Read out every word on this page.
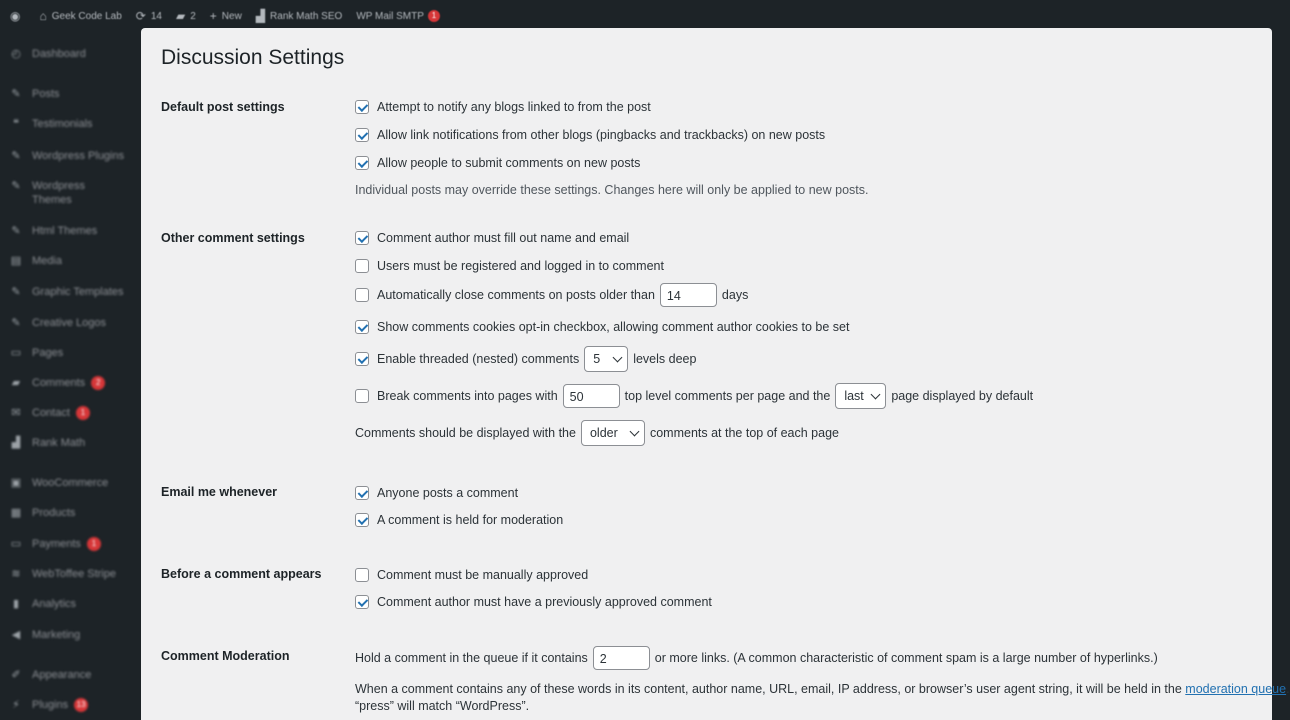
◉ ⌂ Geek Code Lab ⟳ 14 ▰ 2 + New ▟ Rank Math SEO WP Mail SMTP 1
◴ Dashboard
✎	Posts
❝	Testimonials
✎	Wordpress Plugins
✎	Wordpress Themes
✎	Html Themes
▤ Media
✎	Graphic Templates
✎	Creative Logos
▭ Pages
▰	Comments	2
✉	Contact	1
▟	Rank Math
▣ WooCommerce
▦ Products
▭ Payments	1
≋	WebToffee Stripe
▮	Analytics
◀	Marketing
✐	Appearance
⚡	Plugins	13
Discussion Settings
Default post settings	Attempt to notify any blogs linked to from the post
Allow link notifications from other blogs (pingbacks and trackbacks) on new posts
Allow people to submit comments on new posts
Individual posts may override these settings. Changes here will only be applied to new posts.
Other comment settings	Comment author must fill out name and email
Users must be registered and logged in to comment
Automatically close comments on posts older than 14	days
Show comments cookies opt-in checkbox, allowing comment author cookies to be set
Enable threaded (nested) comments 5	levels deep
Break comments into pages with 50	top level comments per page and the last page displayed by default
Comments should be displayed with the older	comments at the top of each page
Email me whenever	Anyone posts a comment
A comment is held for moderation
Before a comment appears	Comment must be manually approved
Comment author must have a previously approved comment
Comment Moderation	Hold a comment in the queue if it contains 2	or more links. (A common characteristic of comment spam is a large number of hyperlinks.)
When a comment contains any of these words in its content, author name, URL, email, IP address, or browser’s user agent string, it will be held in the
moderation queue .
“press” will match “WordPress”.
